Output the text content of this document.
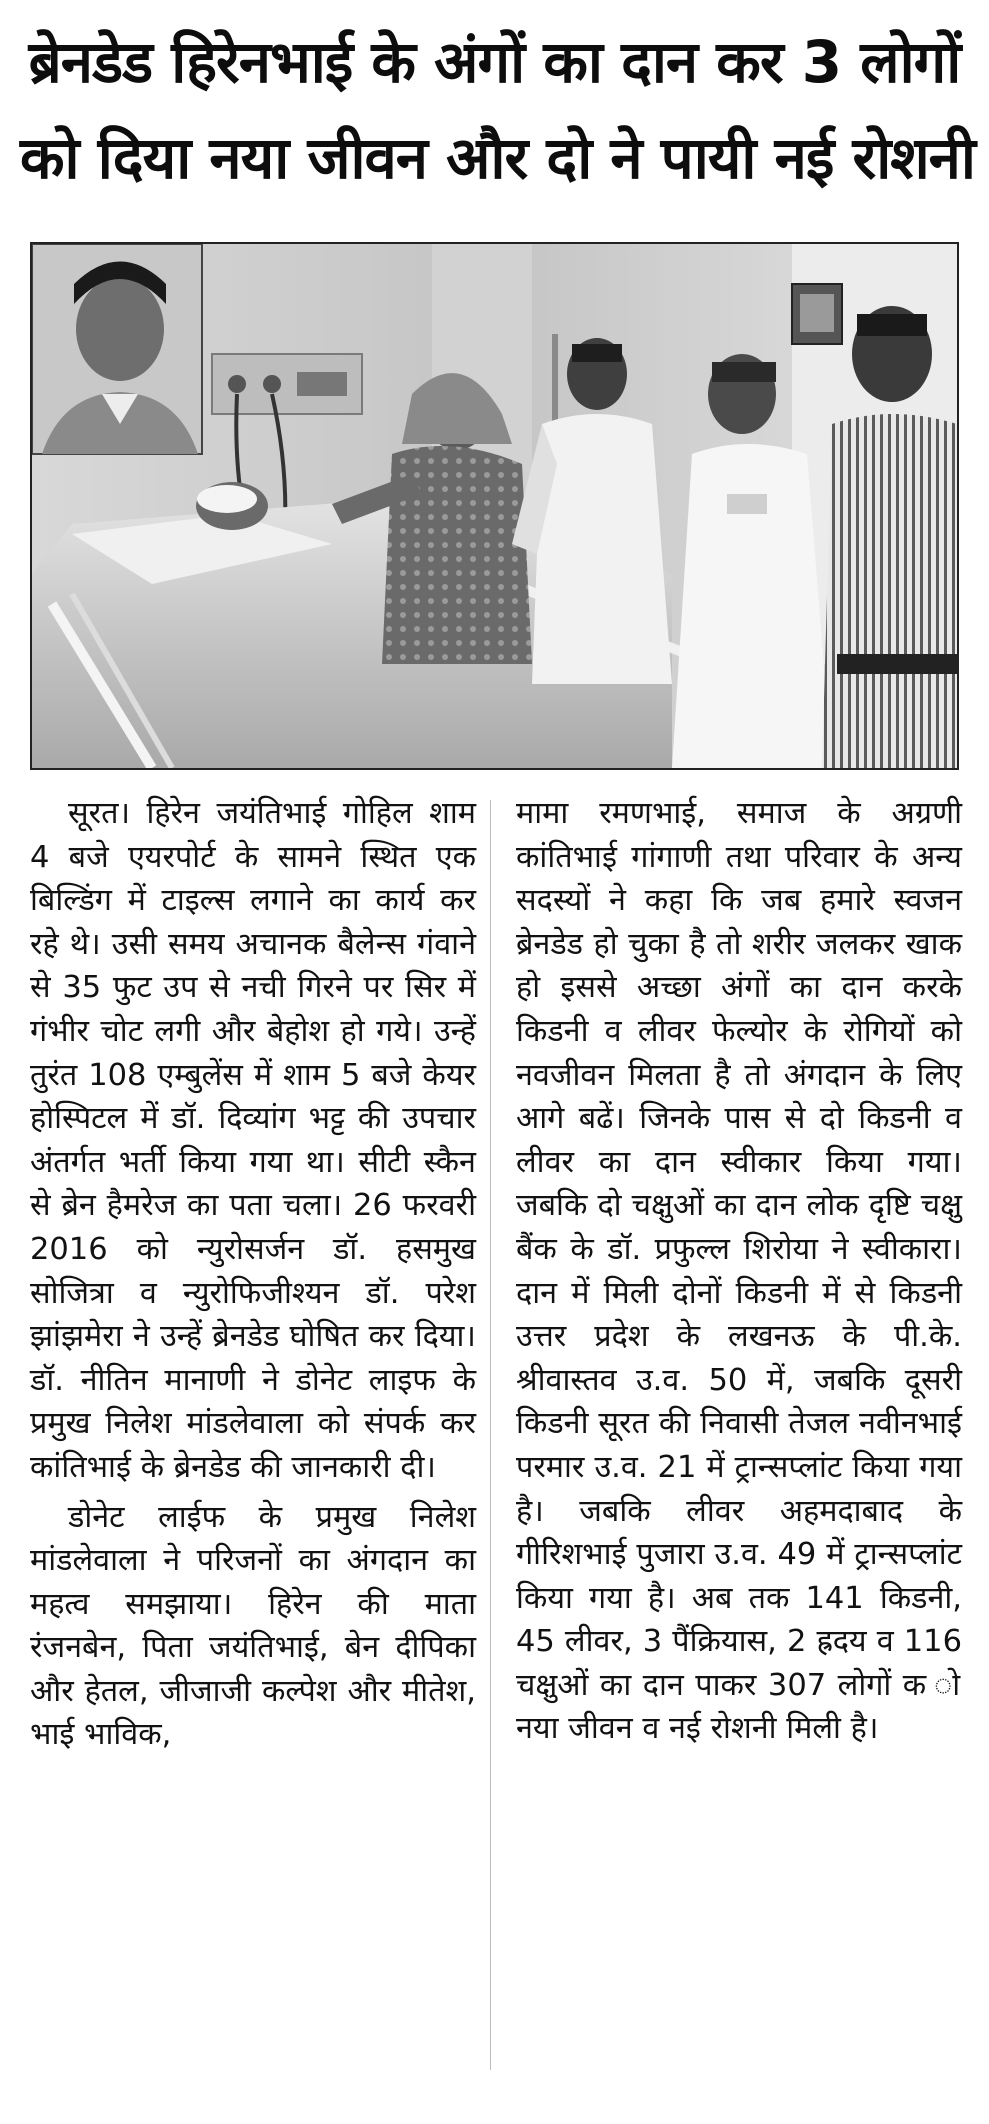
ब्रेनडेड हिरेनभाई के अंगों का दान कर 3 लोगों
को दिया नया जीवन और दो ने पायी नई रोशनी

सूरत। हिरेन जयंतिभाई गोहिल शाम 4 बजे एयरपोर्ट के सामने स्थित एक बिल्डिंग में टाइल्स लगाने का कार्य कर रहे थे। उसी समय अचानक बैलेन्स गंवाने से 35 फुट उप से नची गिरने पर सिर में गंभीर चोट लगी और बेहोश हो गये। उन्हें तुरंत 108 एम्बुलेंस में शाम 5 बजे केयर होस्पिटल में डॉ. दिव्यांग भट्ट की उपचार अंतर्गत भर्ती किया गया था। सीटी स्कैन से ब्रेन हैमरेज का पता चला। 26 फरवरी 2016 को न्युरोसर्जन डॉ. हसमुख सोजित्रा व न्युरोफिजीश्यन डॉ. परेश झांझमेरा ने उन्हें ब्रेनडेड घोषित कर दिया। डॉ. नीतिन मानाणी ने डोनेट लाइफ के प्रमुख निलेश मांडलेवाला को संपर्क कर कांतिभाई के ब्रेनडेड की जानकारी दी।

डोनेट लाईफ के प्रमुख निलेश मांडलेवाला ने परिजनों का अंगदान का महत्व समझाया। हिरेन की माता रंजनबेन, पिता जयंतिभाई, बेन दीपिका और हेतल, जीजाजी कल्पेश और मीतेश, भाई भाविक,

मामा रमणभाई, समाज के अग्रणी कांतिभाई गांगाणी तथा परिवार के अन्य सदस्यों ने कहा कि जब हमारे स्वजन ब्रेनडेड हो चुका है तो शरीर जलकर खाक हो इससे अच्छा अंगों का दान करके किडनी व लीवर फेल्योर के रोगियों को नवजीवन मिलता है तो अंगदान के लिए आगे बढें। जिनके पास से दो किडनी व लीवर का दान स्वीकार किया गया। जबकि दो चक्षुओं का दान लोक दृष्टि चक्षु बैंक के डॉ. प्रफुल्ल शिरोया ने स्वीकारा। दान में मिली दोनों किडनी में से किडनी उत्तर प्रदेश के लखनऊ के पी.के. श्रीवास्तव उ.व. 50 में, जबकि दूसरी किडनी सूरत की निवासी तेजल नवीनभाई परमार उ.व. 21 में ट्रान्सप्लांट किया गया है। जबकि लीवर अहमदाबाद के गीरिशभाई पुजारा उ.व. 49 में ट्रान्सप्लांट किया गया है। अब तक 141 किडनी, 45 लीवर, 3 पैंक्रियास, 2 ह्रदय व 116 चक्षुओं का दान पाकर 307 लोगों क ो नया जीवन व नई रोशनी मिली है।
